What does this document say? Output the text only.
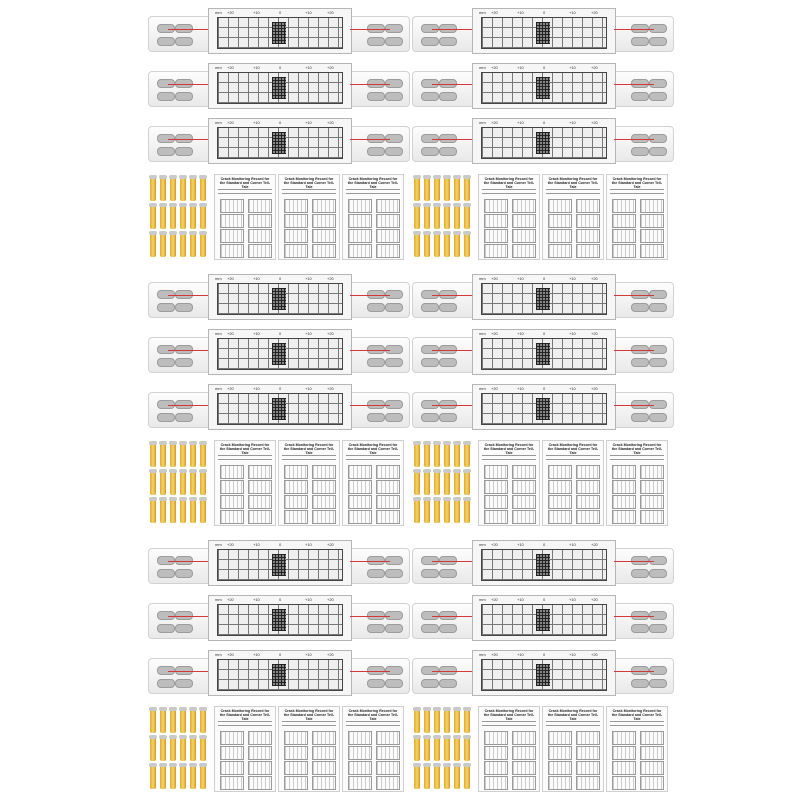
+20	+10	0	+10	+20
mm
+20	+10	0	+10	+20
mm
+20	+10	0	+10	+20
mm
Crack Monitoring Record for the Standard and Corner Tell-Tale
Crack Monitoring Record for the Standard and Corner Tell-Tale
Crack Monitoring Record for the Standard and Corner Tell-Tale
+20	+10	0	+10	+20
mm
+20	+10	0	+10	+20
mm
+20	+10	0	+10	+20
mm
Crack Monitoring Record for the Standard and Corner Tell-Tale
Crack Monitoring Record for the Standard and Corner Tell-Tale
Crack Monitoring Record for the Standard and Corner Tell-Tale
+20	+10	0	+10	+20
mm
+20	+10	0	+10	+20
mm
+20	+10	0	+10	+20
mm
Crack Monitoring Record for the Standard and Corner Tell-Tale
Crack Monitoring Record for the Standard and Corner Tell-Tale
Crack Monitoring Record for the Standard and Corner Tell-Tale
+20	+10	0	+10	+20
mm
+20	+10	0	+10	+20
mm
+20	+10	0	+10	+20
mm
Crack Monitoring Record for the Standard and Corner Tell-Tale
Crack Monitoring Record for the Standard and Corner Tell-Tale
Crack Monitoring Record for the Standard and Corner Tell-Tale
+20	+10	0	+10	+20
mm
+20	+10	0	+10	+20
mm
+20	+10	0	+10	+20
mm
Crack Monitoring Record for the Standard and Corner Tell-Tale
Crack Monitoring Record for the Standard and Corner Tell-Tale
Crack Monitoring Record for the Standard and Corner Tell-Tale
+20	+10	0	+10	+20
mm
+20	+10	0	+10	+20
mm
+20	+10	0	+10	+20
mm
Crack Monitoring Record for the Standard and Corner Tell-Tale
Crack Monitoring Record for the Standard and Corner Tell-Tale
Crack Monitoring Record for the Standard and Corner Tell-Tale
